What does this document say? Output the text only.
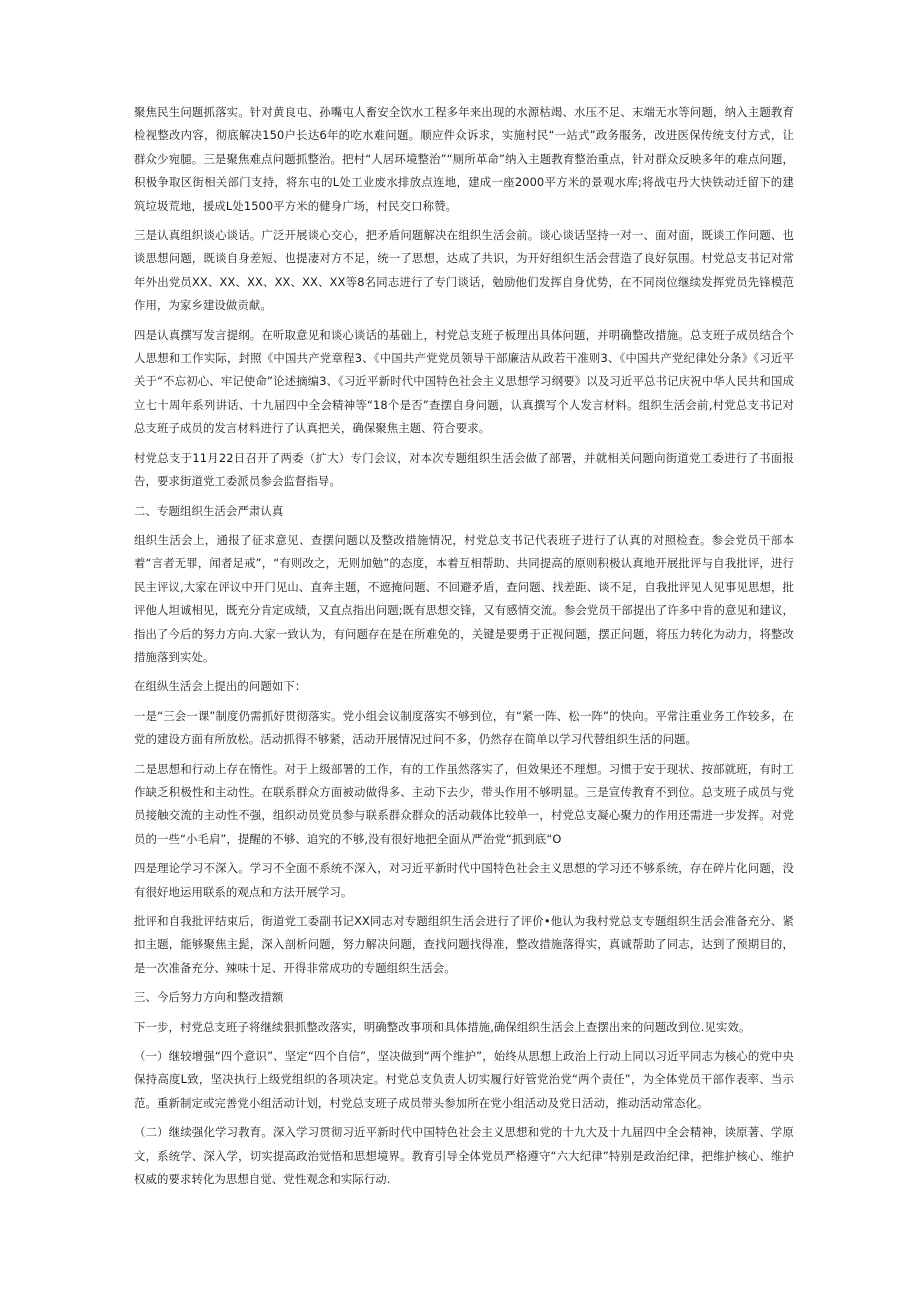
聚焦民生问题抓落实。针对黄良屯、孙嘴屯人畜安全饮水工程多年来出现的水源枯竭、水压不足、末端无水等问题，纳入主题教育检视整改内容，彻底解决150户长达6年的吃水难问题。顺应件众诉求，实施村民“一站式”政务服务，改进医保传统支付方式，让群众少宛腿。三是聚焦难点问题抓整治。把村“人居环境整治”“厕所革命”纳入主题教育整治重点，针对群众反映多年的难点问题，积极争取区街相关部门支持，将东屯的L处工业废水排放点连地，建成一座2000平方米的景观水库;将战屯丹大快铁动迁留下的建筑垃圾荒地，援成L处1500平方米的健身广场，村民交口称赞。

三是认真组织谈心谈话。广泛开展谈心交心，把矛盾问题解决在组织生活会前。谈心谈话坚持一对一、面对面，既谈工作问题、也谈思想问题，既谈自身差短、也提凄对方不足，统一了思想，达成了共识，为开好组织生活会营造了良好氛围。村党总支书记对常年外出党员XX、XX、XX、XX、XX、XX等8名同志进行了专门谈话，勉励他们发挥自身优势，在不同岗位继续发挥党员先锋模范作用，为家乡建设做贡献。

四是认真撰写发言提纲。在听取意见和谈心谈话的基础上，村党总支班子板理出具体问题，并明确整改措施。总支班子成员结合个人思想和工作实际，封照《中国共产党章程3、《中国共产党党员领导干部廉洁从政若干准则3、《中国共产党纪律处分条》《习近平关于“不忘初心、牢记使命”论述摘编3、《习近平新时代中国特色社会主义思想学习纲要》以及习近平总书记庆祝中华人民共和国成立七十周年系列讲话、十九届四中全会精神等“18个是否”查摆自身问题，认真撰写个人发言材料。组织生活会前,村党总支书记对总支班子成员的发言材料进行了认真把关，确保聚焦主题、符合要求。

村党总支于11月22日召开了两委（扩大）专门会议，对本次专题组织生活会做了部署，并就相关问题向街道党工委进行了书面报告，要求街道党工委派员参会监督指导。

二、专题组织生活会严肃认真

组织生活会上，通报了征求意见、查摆问题以及整改措施情况，村党总支书记代表班子进行了认真的对照检查。参会党员干部本着“言者无罪，闻者足戒”，“有则改之，无则加勉”的态度，本着互相帮助、共同提高的原则积极认真地开展批评与自我批评，进行民主评议,大家在评议中开门见山、直奔主题，不遮掩问题、不回避矛盾，查问题、找差距、谈不足，自我批评见人见事见思想，批评他人坦诚相见，既充分肯定成绩，又直点指出问题;既有思想交锋，又有感情交流。参会党员干部提出了许多中肯的意见和建议，指出了今后的努力方向.大家一致认为，有问题存在是在所难免的，关键是要勇于正视问题，摆正问题，将压力转化为动力，将整改措施落到实处。

在组纵生活会上提出的问题如下：

一是“三会一课”制度仍需抓好贯彻落实。党小组会议制度落实不够到位，有“紧一阵、松一阵”的快向。平常注重业务工作较多，在党的建设方面有所放松。活动抓得不够紧，活动开展情况过问不多，仍然存在简单以学习代替组织生活的问题。

二是思想和行动上存在惰性。对于上级部署的工作，有的工作虽然落实了，但效果还不理想。习惯于安于现状、按部就班，有时工作缺乏积极性和主动性。在联系群众方面被动做得多、主动下去少，带头作用不够明显。三是宣传教育不到位。总支班子成员与党员接触交流的主动性不强，组织动员党员参与联系群众群众的活动载体比较单一，村党总支凝心聚力的作用还需进一步发挥。对党员的一些“小毛肩”，提醒的不够、追究的不够,没有很好地把全面从严治党“抓到底“O

四是理论学习不深入。学习不全面不系统不深入，对习近平新时代中国特色社会主义思想的学习还不够系统，存在碎片化问题，没有很好地运用联系的观点和方法开展学习。

批评和自我批评结束后，街道党工委副书记XX同志对专题组织生活会进行了评价•他认为我村党总支专题组织生活会准备充分、紧扣主题，能够聚焦主髭，深入剖析问题，努力解决问题，查找问题找得准，整改措施落得实，真诚帮助了同志，达到了预期目的，是一次准备充分、辣味十足、开得非常成功的专题组织生活会。

三、今后努力方向和整改措额

下一步，村党总支班子将继续狠抓整改落实，明确整改事项和具体措施,确保组织生活会上查摆出来的问题改到位.见实效。

（一）继较增强“四个意识”、坚定“四个自信”，坚决做到“两个维护”，始终从思想上政治上行动上同以习近平同志为核心的党中央保持高度L致，坚决执行上级党组织的各项决定。村党总支负责人切实履行好管党治党“两个责任”，为全体党员干部作表率、当示范。重新制定或完善党小组活动计划，村党总支班子成员带头参加所在党小组活动及党日活动，推动活动常态化。

（二）继续强化学习教育。深入学习贯彻习近平新时代中国特色社会主义思想和党的十九大及十九届四中全会精神，读原著、学原文，系统学、深入学，切实提高政治觉悟和思想境界。教育引导全体党员严格遵守“六大纪律”特别是政治纪律，把维护核心、维护权威的要求转化为思想自觉、党性观念和实际行动.
